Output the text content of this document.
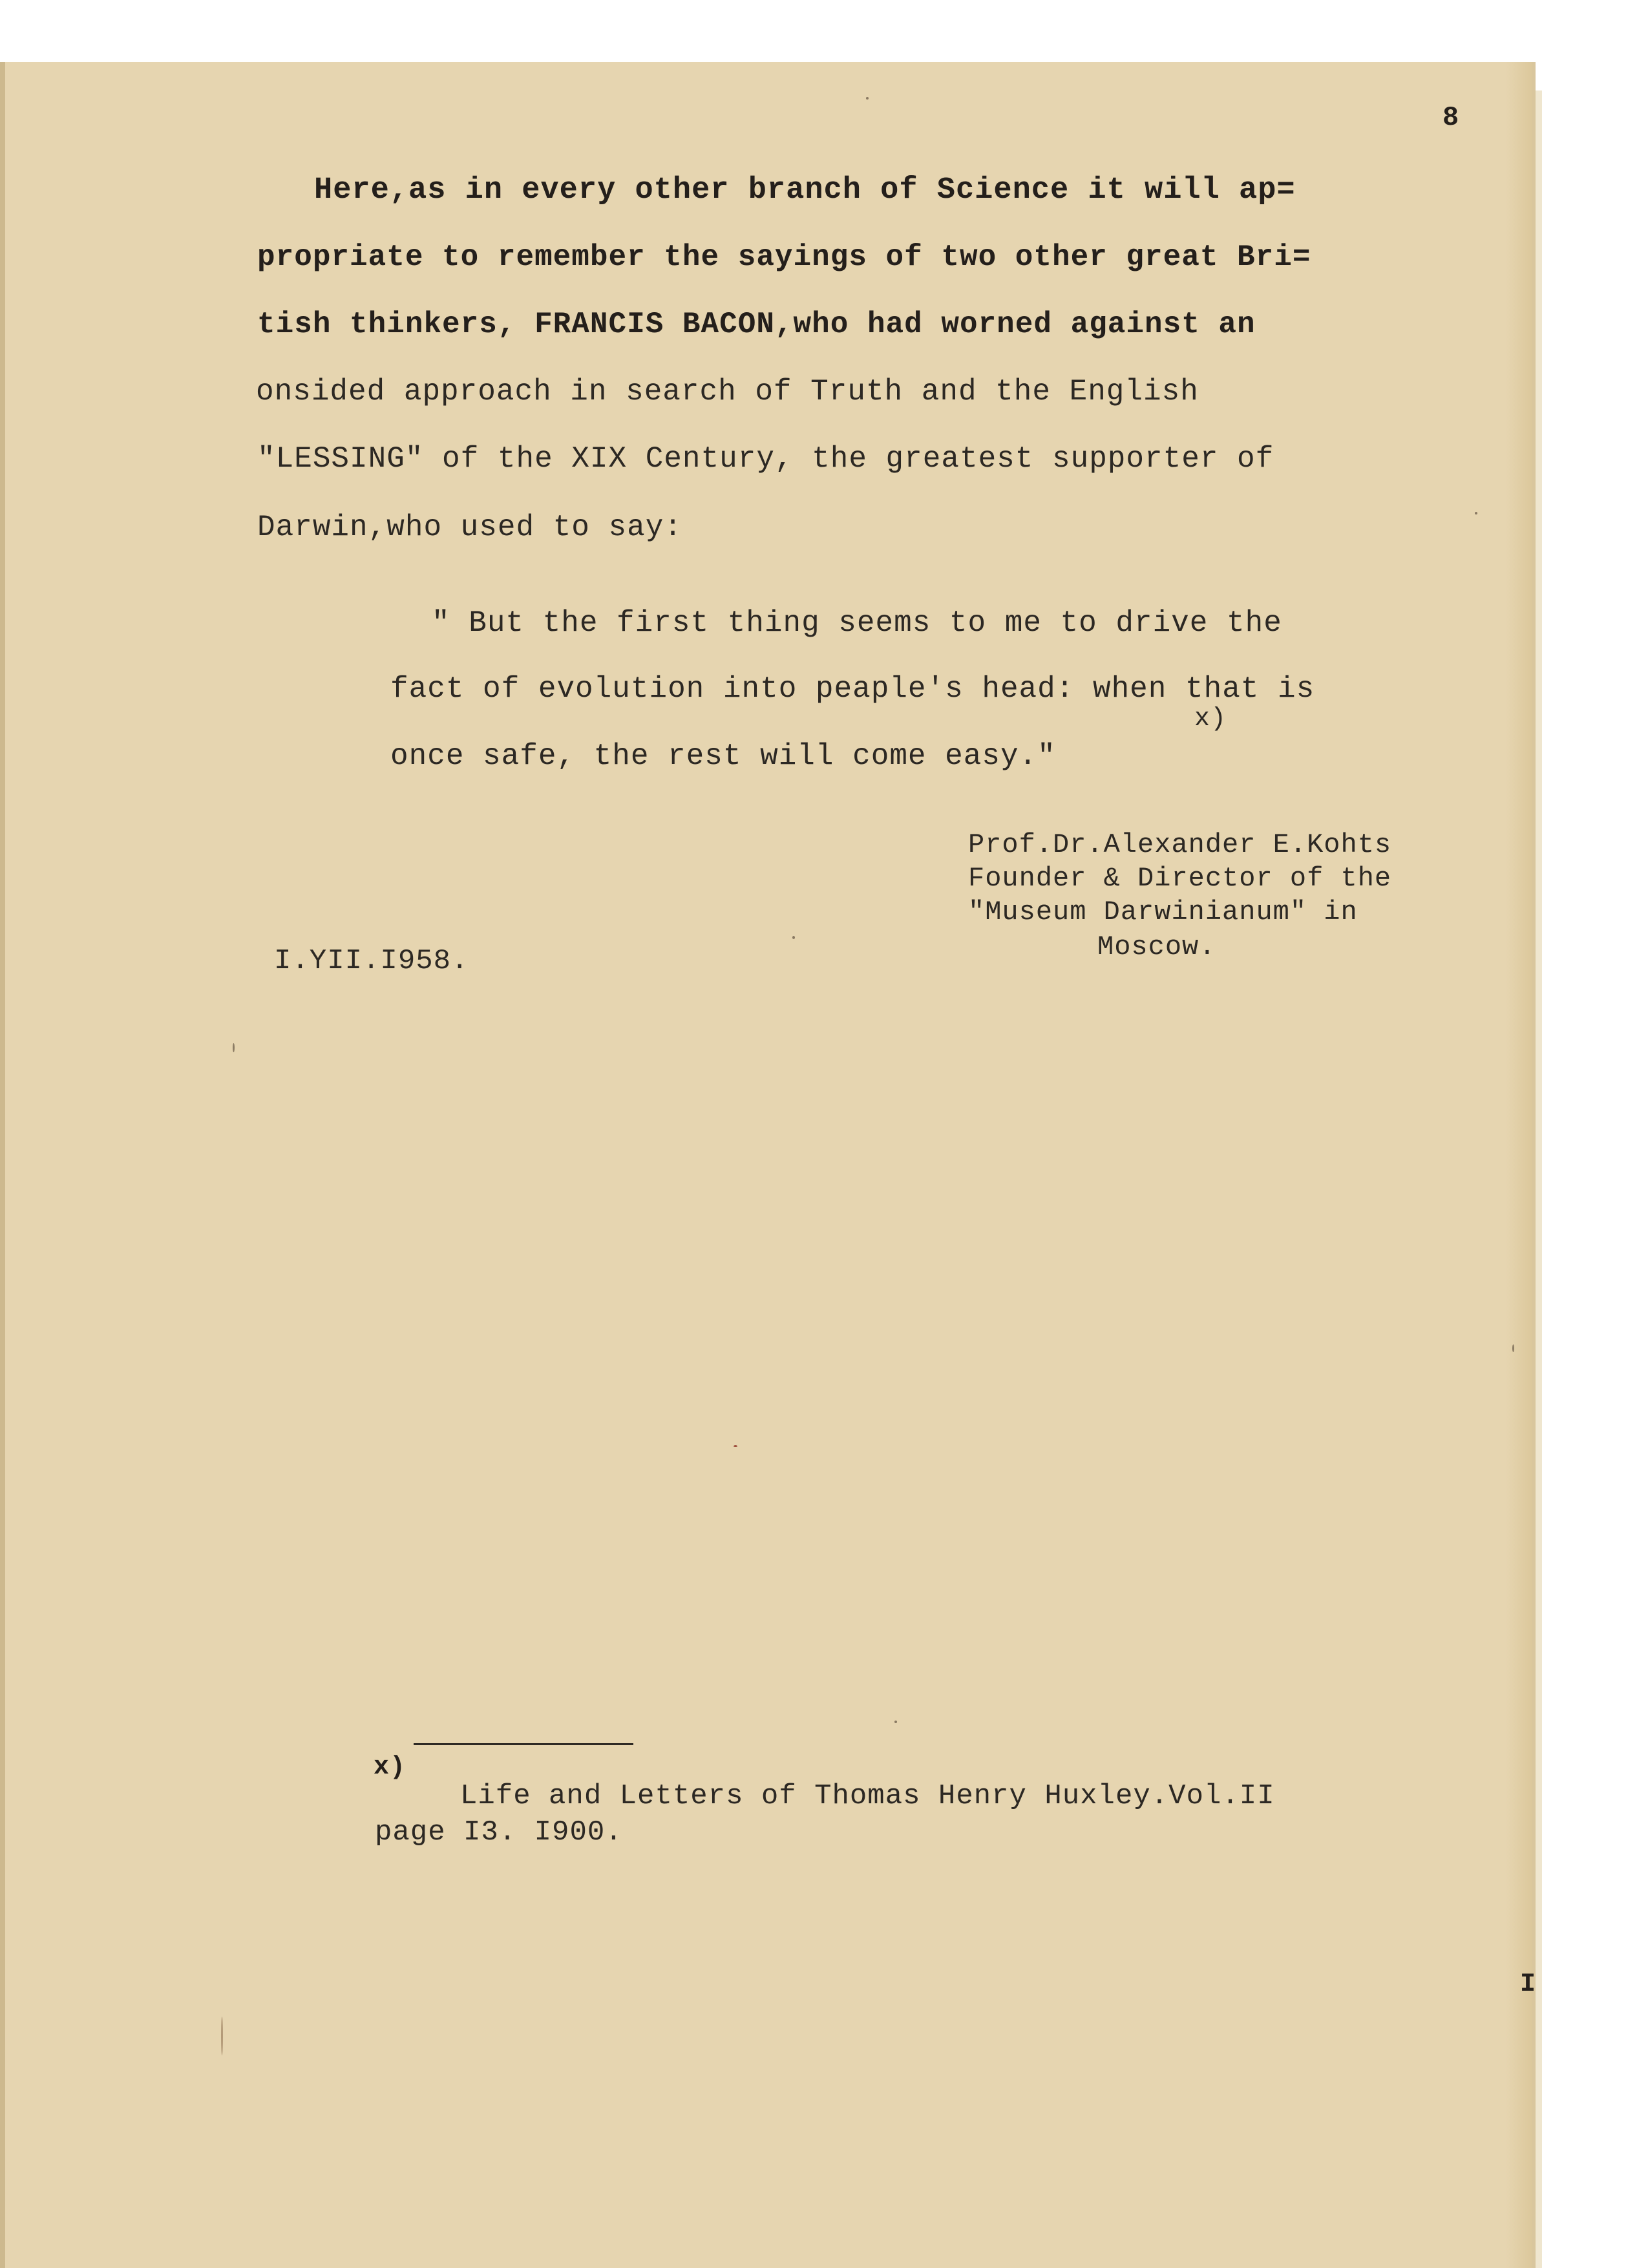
8
Here,as in every other branch of Science it will ap=
propriate to remember the sayings of two other great Bri=
tish thinkers, FRANCIS BACON,who had worned against an
onsided approach in search of Truth and the English
"LESSING" of the XIX Century, the greatest supporter of
Darwin,who used to say:
" But the first thing seems to me to drive the
fact of evolution into peaple's head: when that is
x)
once safe, the rest will come easy."
Prof.Dr.Alexander E.Kohts
Founder & Director of the
"Museum Darwinianum" in
Moscow.
I.YII.I958.
x)
Life and Letters of Thomas Henry Huxley.Vol.II
page I3. I900.
I
